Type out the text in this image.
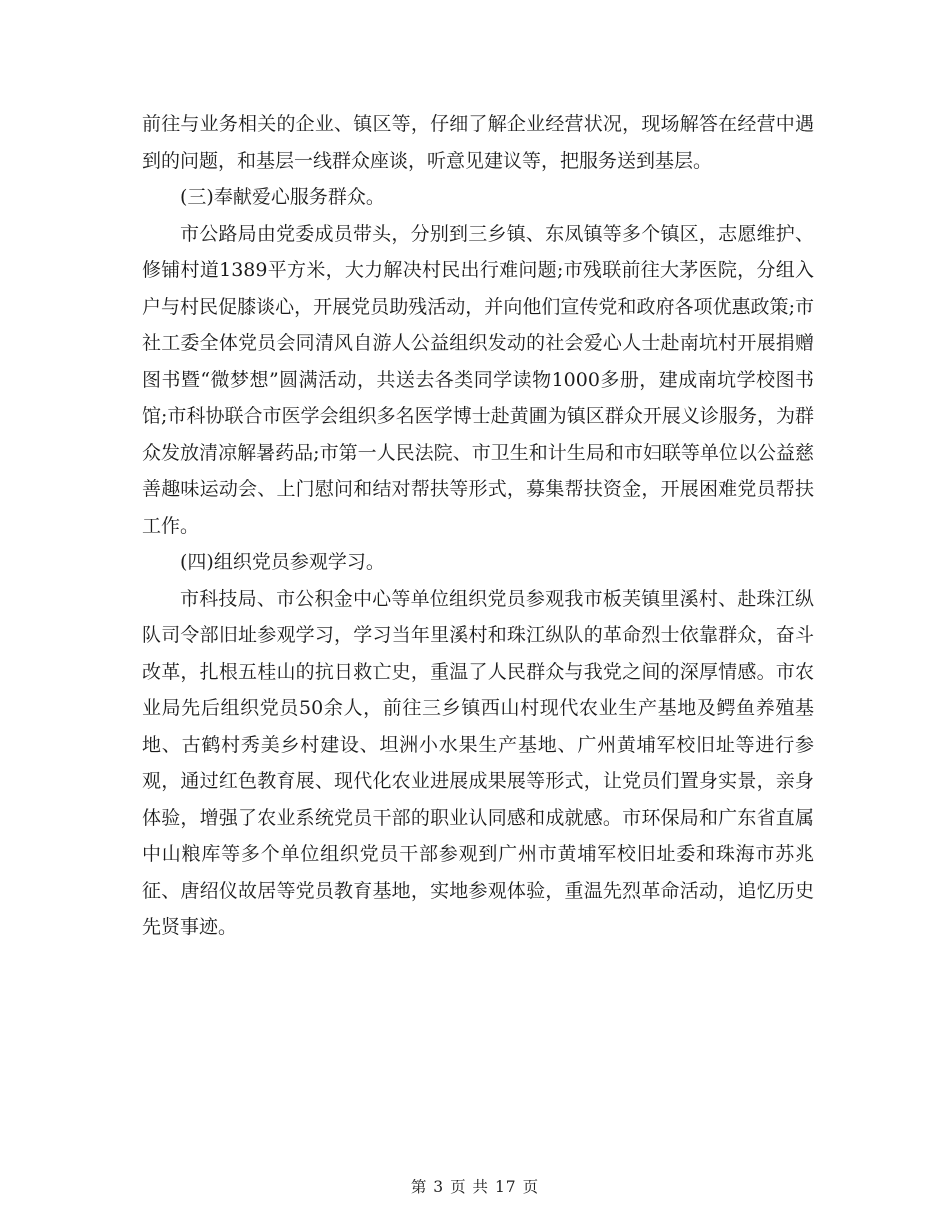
前往与业务相关的企业、镇区等，仔细了解企业经营状况，现场解答在经营中遇到的问题，和基层一线群众座谈，听意见建议等，把服务送到基层。

(三)奉献爱心服务群众。

市公路局由党委成员带头，分别到三乡镇、东凤镇等多个镇区，志愿维护、修铺村道1389平方米，大力解决村民出行难问题;市残联前往大茅医院，分组入户与村民促膝谈心，开展党员助残活动，并向他们宣传党和政府各项优惠政策;市社工委全体党员会同清风自游人公益组织发动的社会爱心人士赴南坑村开展捐赠图书暨“微梦想”圆满活动，共送去各类同学读物1000多册，建成南坑学校图书馆;市科协联合市医学会组织多名医学博士赴黄圃为镇区群众开展义诊服务，为群众发放清凉解暑药品;市第一人民法院、市卫生和计生局和市妇联等单位以公益慈善趣味运动会、上门慰问和结对帮扶等形式，募集帮扶资金，开展困难党员帮扶工作。

(四)组织党员参观学习。

市科技局、市公积金中心等单位组织党员参观我市板芙镇里溪村、赴珠江纵队司令部旧址参观学习，学习当年里溪村和珠江纵队的革命烈士依靠群众，奋斗改革，扎根五桂山的抗日救亡史，重温了人民群众与我党之间的深厚情感。市农业局先后组织党员50余人，前往三乡镇西山村现代农业生产基地及鳄鱼养殖基地、古鹤村秀美乡村建设、坦洲小水果生产基地、广州黄埔军校旧址等进行参观，通过红色教育展、现代化农业进展成果展等形式，让党员们置身实景，亲身体验，增强了农业系统党员干部的职业认同感和成就感。市环保局和广东省直属中山粮库等多个单位组织党员干部参观到广州市黄埔军校旧址委和珠海市苏兆征、唐绍仪故居等党员教育基地，实地参观体验，重温先烈革命活动，追忆历史先贤事迹。

第 3 页 共 17 页
